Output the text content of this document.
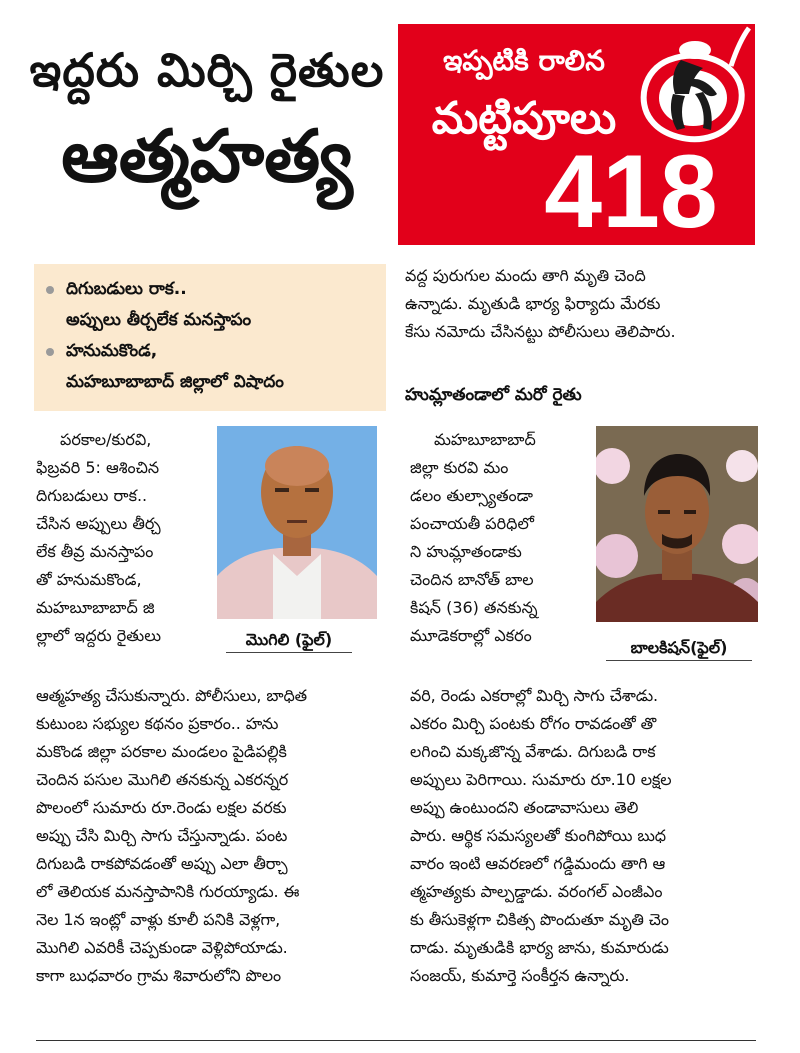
ఇద్దరు మిర్చి రైతుల
ఆత్మహత్య
ఇప్పటికి రాలిన
మట్టిపూలు
418
దిగుబడులు రాక..
అప్పులు తీర్చలేక మనస్తాపం
హనుమకొండ,
మహబూబాబాద్ జిల్లాలో విషాదం
పరకాల/కురవి,
ఫిబ్రవరి 5: ఆశించిన
దిగుబడులు రాక..
చేసిన అప్పులు తీర్చ
లేక తీవ్ర మనస్తాపం
తో హనుమకొండ,
మహబూబాబాద్ జి
ల్లాలో ఇద్దరు రైతులు	మొగిలి (ఫైల్)
ఆత్మహత్య చేసుకున్నారు. పోలీసులు, బాధిత
కుటుంబ సభ్యుల కథనం ప్రకారం.. హను
మకొండ జిల్లా పరకాల మండలం పైడిపల్లికి
చెందిన పసుల మొగిలి తనకున్న ఎకరన్నర
పొలంలో సుమారు రూ.రెండు లక్షల వరకు
అప్పు చేసి మిర్చి సాగు చేస్తున్నాడు. పంట
దిగుబడి రాకపోవడంతో అప్పు ఎలా తీర్చా
లో తెలియక మనస్తాపానికి గురయ్యాడు. ఈ
నెల 1న ఇంట్లో వాళ్లు కూలీ పనికి వెళ్లగా,
మొగిలి ఎవరికీ చెప్పకుండా వెళ్లిపోయాడు.
కాగా బుధవారం గ్రామ శివారులోని పొలం
వద్ద పురుగుల మందు తాగి మృతి చెంది
ఉన్నాడు. మృతుడి భార్య ఫిర్యాదు మేరకు
కేసు నమోదు చేసినట్టు పోలీసులు తెలిపారు.
హుమ్లాతండాలో మరో రైతు
మహబూబాబాద్
జిల్లా కురవి మం
డలం తుల్స్యాతండా
పంచాయతీ పరిధిలో
ని హుమ్లాతండాకు
చెందిన బానోత్ బాల
కిషన్ (36) తనకున్న
మూడెకరాల్లో ఎకరం
బాలకిషన్(ఫైల్)
వరి, రెండు ఎకరాల్లో మిర్చి సాగు చేశాడు.
ఎకరం మిర్చి పంటకు రోగం రావడంతో తొ
లగించి మక్కజొన్న వేశాడు. దిగుబడి రాక
అప్పులు పెరిగాయి. సుమారు రూ.10 లక్షల
అప్పు ఉంటుందని తండావాసులు తెలి
పారు. ఆర్థిక సమస్యలతో కుంగిపోయి బుధ
వారం ఇంటి ఆవరణలో గడ్డిమందు తాగి ఆ
త్మహత్యకు పాల్పడ్డాడు. వరంగల్ ఎంజీఎం
కు తీసుకెళ్లగా చికిత్స పొందుతూ మృతి చెం
దాడు. మృతుడికి భార్య జాను, కుమారుడు
సంజయ్, కుమార్తె సంకీర్తన ఉన్నారు.
